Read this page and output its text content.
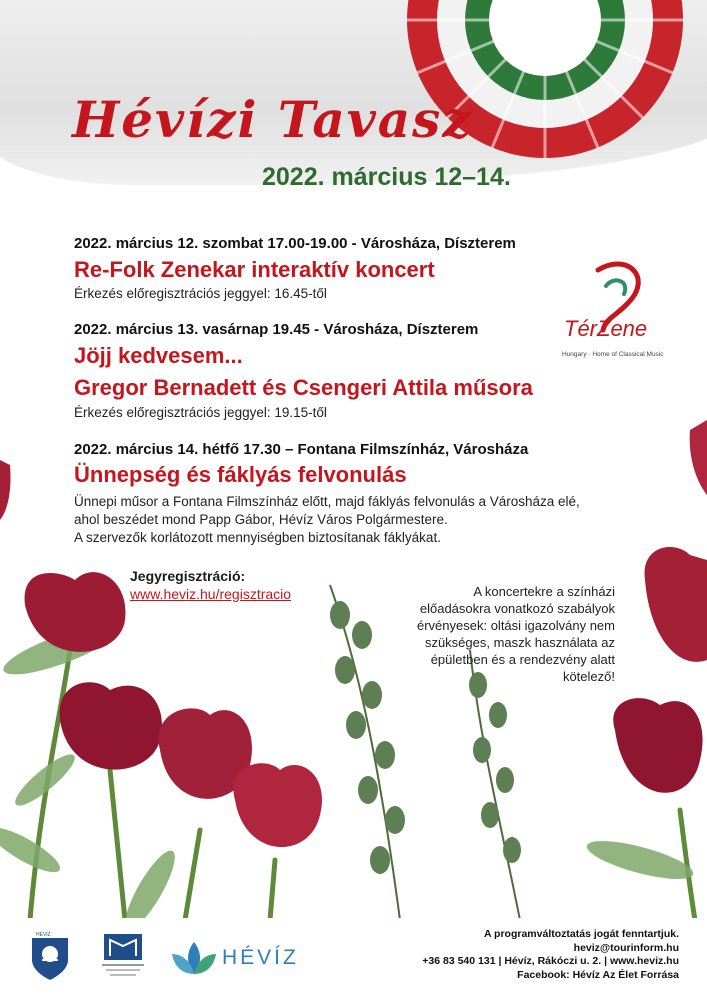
Hévízi Tavasz
2022. március 12–14.
TérZene
Hungary · Home of Classical Music
2022. március 12. szombat 17.00-19.00 - Városháza, Díszterem
Re-Folk Zenekar interaktív koncert
Érkezés előregisztrációs jeggyel: 16.45-től
2022. március 13. vasárnap 19.45 - Városháza, Díszterem
Jöjj kedvesem...
Gregor Bernadett és Csengeri Attila műsora
Érkezés előregisztrációs jeggyel: 19.15-től
2022. március 14. hétfő 17.30 – Fontana Filmszínház, Városháza
Ünnepség és fáklyás felvonulás
Ünnepi műsor a Fontana Filmszínház előtt, majd fáklyás felvonulás a Városháza elé,
ahol beszédet mond Papp Gábor, Hévíz Város Polgármestere.
A szervezők korlátozott mennyiségben biztosítanak fáklyákat.
Jegyregisztráció:
www.heviz.hu/regisztracio	A koncertekre a színházi
előadásokra vonatkozó szabályok
érvényesek: oltási igazolvány nem
szükséges, maszk használata az
épületben és a rendezvény alatt
kötelező!
HÉVÍZ
HÉVÍZ
A programváltoztatás jogát fenntartjuk.
heviz@tourinform.hu
+36 83 540 131 | Hévíz, Rákóczi u. 2. | www.heviz.hu
Facebook: Hévíz Az Élet Forrása
